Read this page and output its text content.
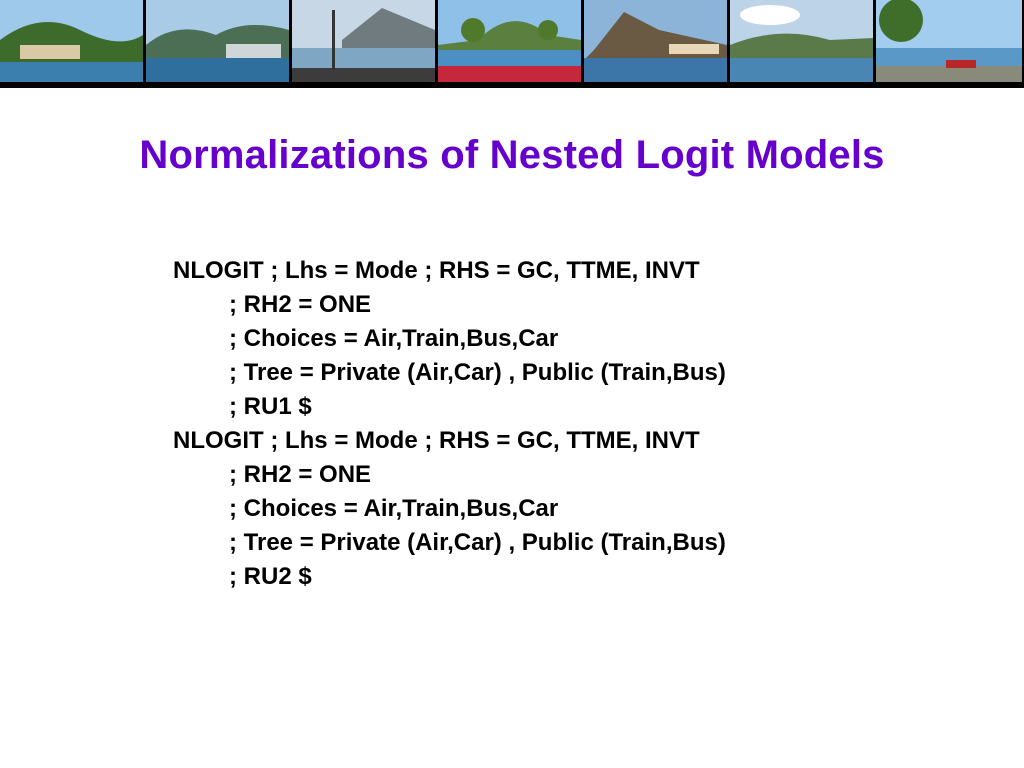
Normalizations of Nested Logit Models
NLOGIT ; Lhs = Mode ; RHS = GC, TTME, INVT
; RH2 = ONE
; Choices = Air,Train,Bus,Car
; Tree = Private (Air,Car) , Public (Train,Bus)
; RU1 $
NLOGIT ; Lhs = Mode ; RHS = GC, TTME, INVT
; RH2 = ONE
; Choices = Air,Train,Bus,Car
; Tree = Private (Air,Car) , Public (Train,Bus)
; RU2 $
